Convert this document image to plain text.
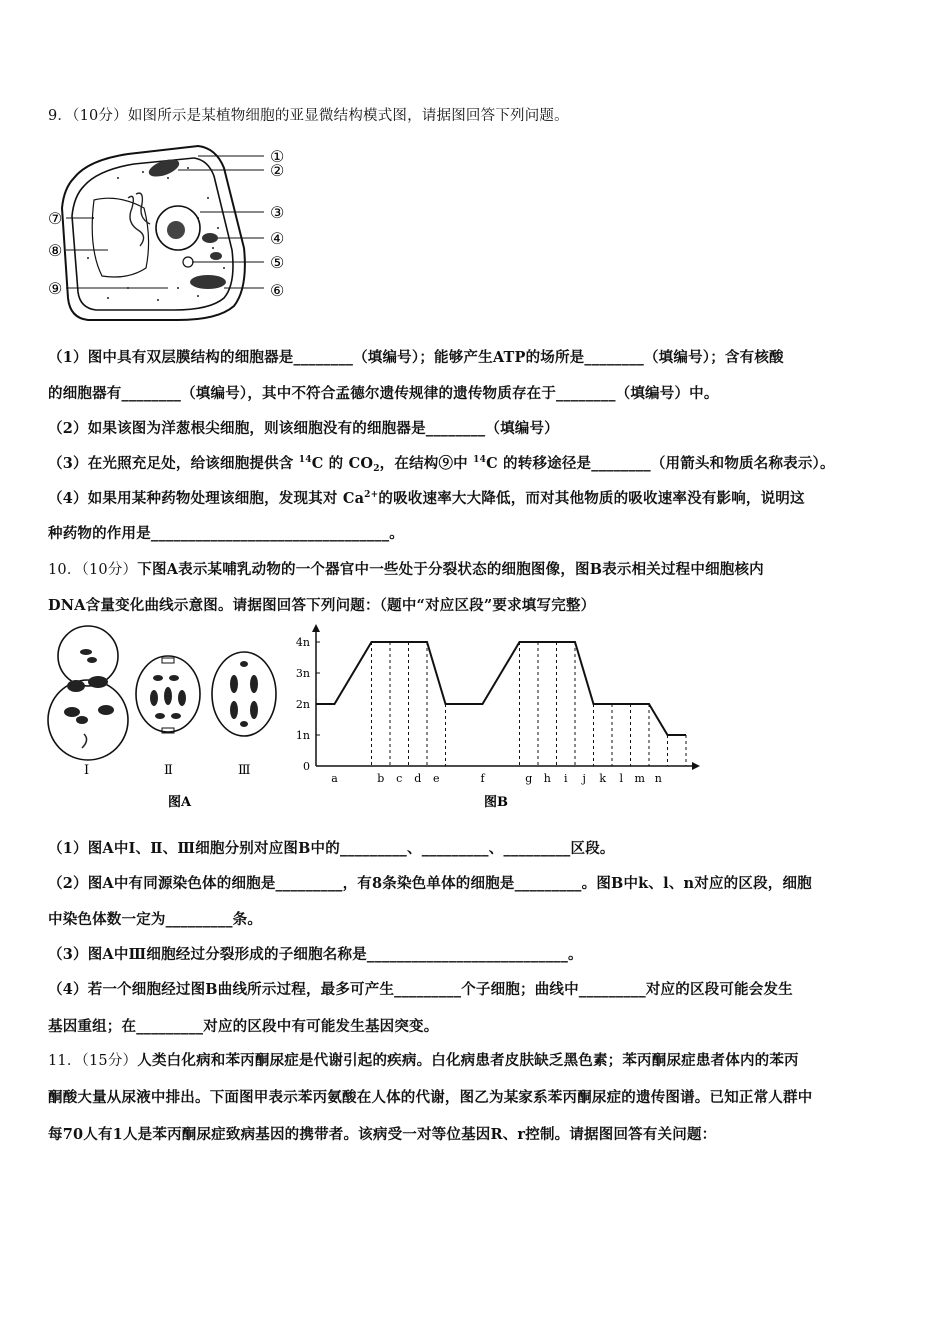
9．（10分）如图所示是某植物细胞的亚显微结构模式图，请据图回答下列问题。
①
②
③
④
⑤
⑥
⑦
⑧
⑨
（1）图中具有双层膜结构的细胞器是________（填编号）；能够产生ATP的场所是________（填编号）；含有核酸
的细胞器有________（填编号），其中不符合孟德尔遗传规律的遗传物质存在于________（填编号）中。
（2）如果该图为洋葱根尖细胞，则该细胞没有的细胞器是________（填编号）
（3）在光照充足处，给该细胞提供含 $^{14}$C 的 $CO_2$，在结构⑨中 $^{14}$C 的转移途径是________（用箭头和物质名称表示）。
（4）如果用某种药物处理该细胞，发现其对 $Ca^{2+}$的吸收速率大大降低，而对其他物质的吸收速率没有影响，说明这
种药物的作用是________________________________。
10．（10分）下图A表示某哺乳动物的一个器官中一些处于分裂状态的细胞图像，图B表示相关过程中细胞核内
DNA含量变化曲线示意图。请据图回答下列问题：（题中“对应区段”要求填写完整）
Ⅰ	Ⅱ	Ⅲ
图A
0
1n
2n
3n
4n
a	b c d e	f	g h i j k l m n
图B
（1）图A中Ⅰ、Ⅱ、Ⅲ细胞分别对应图B中的_________、_________、_________区段。
（2）图A中有同源染色体的细胞是_________，有8条染色单体的细胞是_________。图B中k、l、n对应的区段，细胞
中染色体数一定为_________条。
（3）图A中Ⅲ细胞经过分裂形成的子细胞名称是___________________________。
（4）若一个细胞经过图B曲线所示过程，最多可产生_________个子细胞；曲线中_________对应的区段可能会发生
基因重组；在_________对应的区段中有可能发生基因突变。
11．（15分）人类白化病和苯丙酮尿症是代谢引起的疾病。白化病患者皮肤缺乏黑色素；苯丙酮尿症患者体内的苯丙
酮酸大量从尿液中排出。下面图甲表示苯丙氨酸在人体的代谢，图乙为某家系苯丙酮尿症的遗传图谱。已知正常人群中
每70人有1人是苯丙酮尿症致病基因的携带者。该病受一对等位基因R、r控制。请据图回答有关问题：
